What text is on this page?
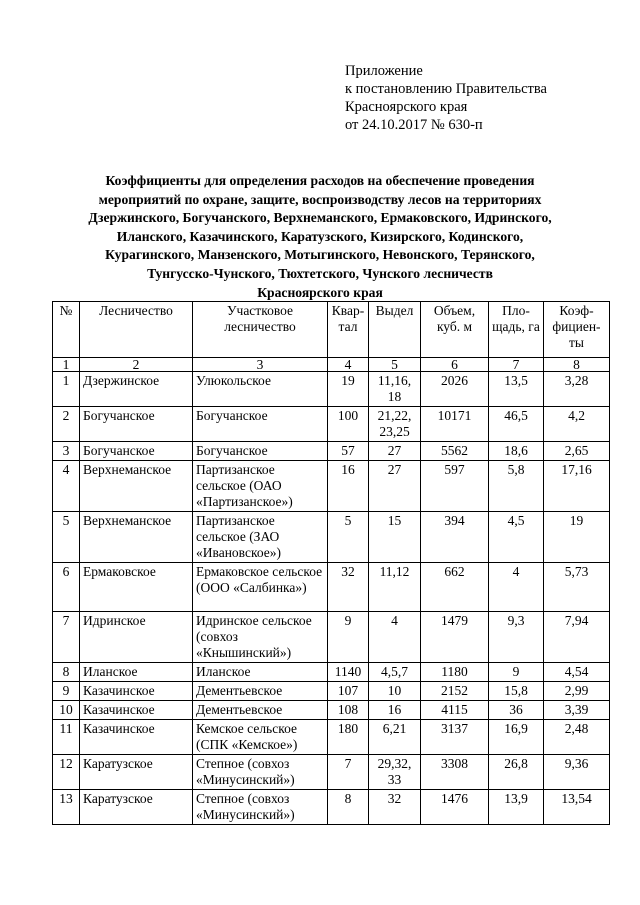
Приложение
к постановлению Правительства
Красноярского края
от 24.10.2017 № 630-п
Коэффициенты для определения расходов на обеспечение проведения
мероприятий по охране, защите, воспроизводству лесов на территориях
Дзержинского, Богучанского, Верхнеманского, Ермаковского, Идринского,
Иланского, Казачинского, Каратузского, Кизирского, Кодинского,
Курагинского, Манзенского, Мотыгинского, Невонского, Терянского,
Тунгусско-Чунского, Тюхтетского, Чунского лесничеств
Красноярского края
№	Лесничество	Участковое лесничество	Квар-тал	Выдел	Объем, куб. м	Пло-щадь, га	Коэф-фициен-ты
1	2	3	4	5	6	7	8
1	Дзержинское	Улюкольское	19	11,16, 18	2026	13,5	3,28
2	Богучанское	Богучанское	100	21,22, 23,25	10171	46,5	4,2
3	Богучанское	Богучанское	57	27	5562	18,6	2,65
4	Верхнеманское	Партизанское сельское (ОАО «Партизанское»)	16	27	597	5,8	17,16
5	Верхнеманское	Партизанское сельское (ЗАО «Ивановское»)	5	15	394	4,5	19
6	Ермаковское	Ермаковское сельское (ООО «Салбинка»)	32	11,12	662	4	5,73
7	Идринское	Идринское сельское (совхоз «Кнышинский»)	9	4	1479	9,3	7,94
8	Иланское	Иланское	1140	4,5,7	1180	9	4,54
9	Казачинское	Дементьевское	107	10	2152	15,8	2,99
10	Казачинское	Дементьевское	108	16	4115	36	3,39
11	Казачинское	Кемское сельское (СПК «Кемское»)	180	6,21	3137	16,9	2,48
12	Каратузское	Степное (совхоз «Минусинский»)	7	29,32, 33	3308	26,8	9,36
13	Каратузское	Степное (совхоз «Минусинский»)	8	32	1476	13,9	13,54
